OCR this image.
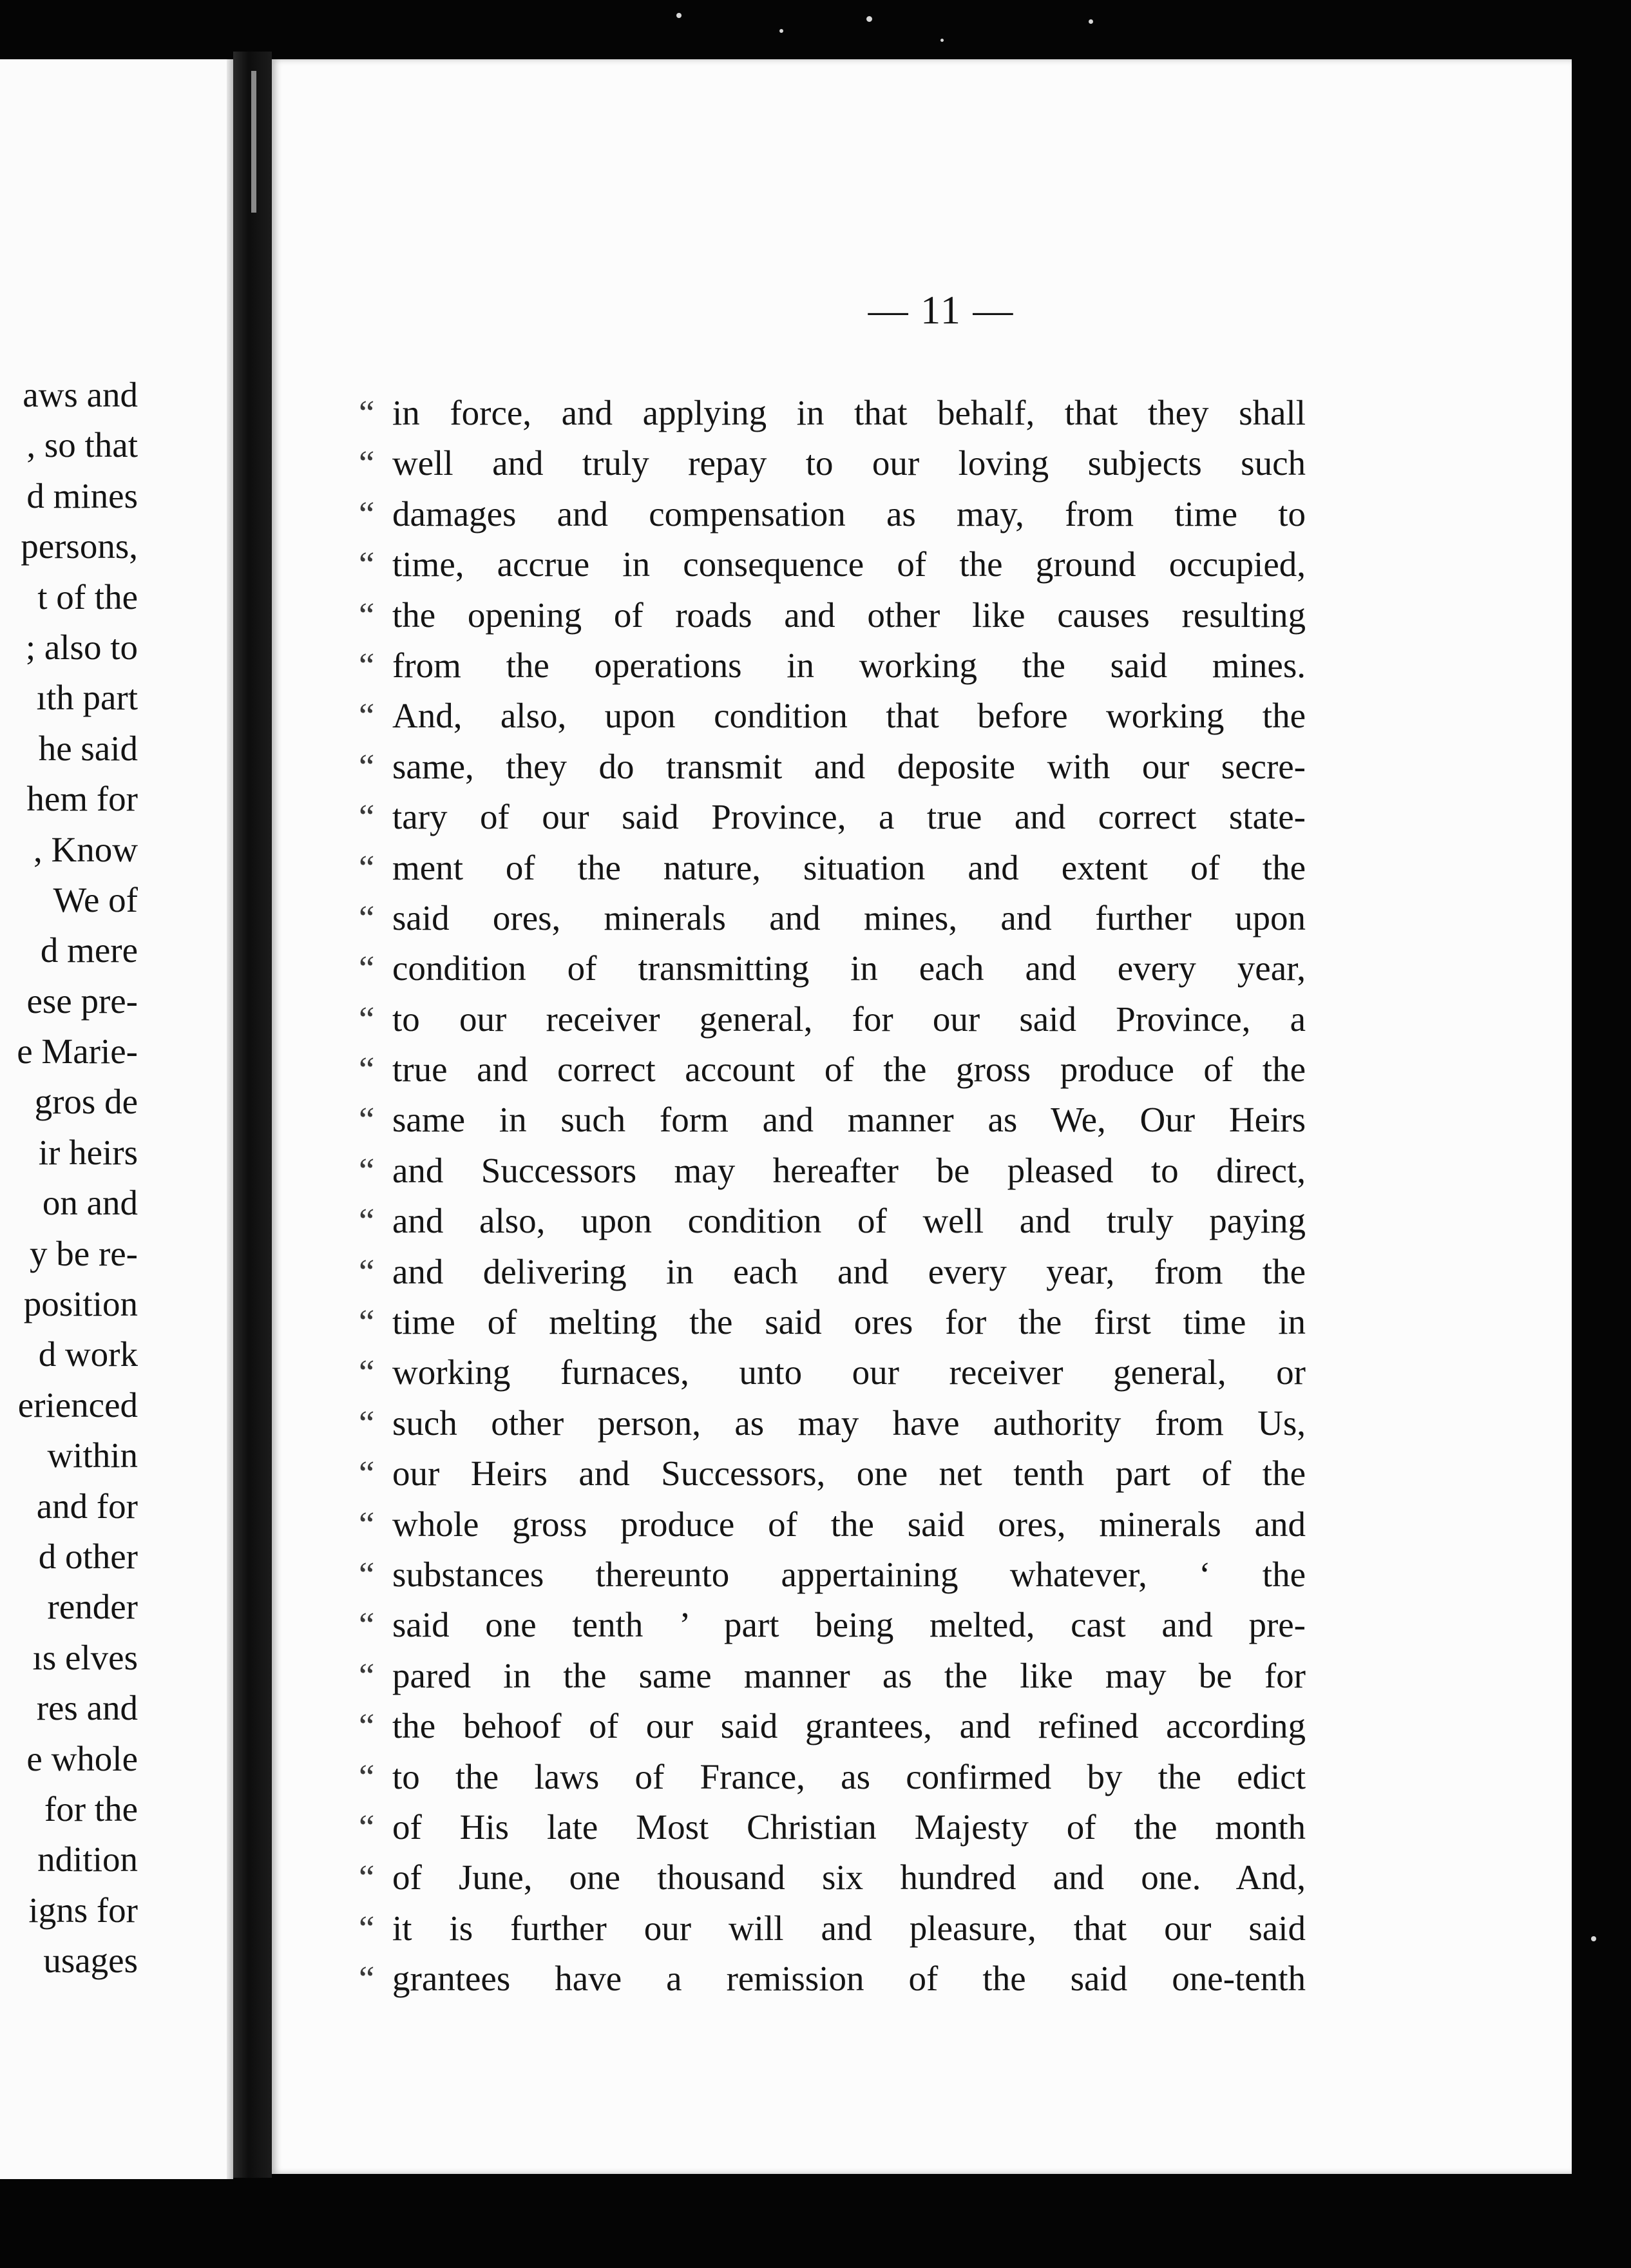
aws and
, so that
d mines
persons,
t of the
; also to
ıth part
he said
hem for
, Know
We of
d mere
ese pre-
e Marie-
gros de
ir heirs
on and
y be re-
position
d work
erienced
within
and for
d other
render
ıs elves
res and
e whole
for the
ndition
igns for
usages
— 11 —
“ in force, and applying in that behalf, that they shall
“ well and truly repay to our loving subjects such
“ damages and compensation as may, from time to
“ time, accrue in consequence of the ground occupied,
“ the opening of roads and other like causes resulting
“ from the operations in working the said mines.
“ And, also, upon condition that before working the
“ same, they do transmit and deposite with our secre-
“ tary of our said Province, a true and correct state-
“ ment of the nature, situation and extent of the
“ said ores, minerals and mines, and further upon
“ condition of transmitting in each and every year,
“ to our receiver general, for our said Province, a
“ true and correct account of the gross produce of the
“ same in such form and manner as We, Our Heirs
“ and Successors may hereafter be pleased to direct,
“ and also, upon condition of well and truly paying
“ and delivering in each and every year, from the
“ time of melting the said ores for the first time in
“ working furnaces, unto our receiver general, or
“ such other person, as may have authority from Us,
“ our Heirs and Successors, one net tenth part of the
“ whole gross produce of the said ores, minerals and
“ substances thereunto appertaining whatever, ‘ the
“ said one tenth ’ part being melted, cast and pre-
“ pared in the same manner as the like may be for
“ the behoof of our said grantees, and refined according
“ to the laws of France, as confirmed by the edict
“ of His late Most Christian Majesty of the month
“ of June, one thousand six hundred and one. And,
“ it is further our will and pleasure, that our said
“ grantees have a remission of the said one-tenth
